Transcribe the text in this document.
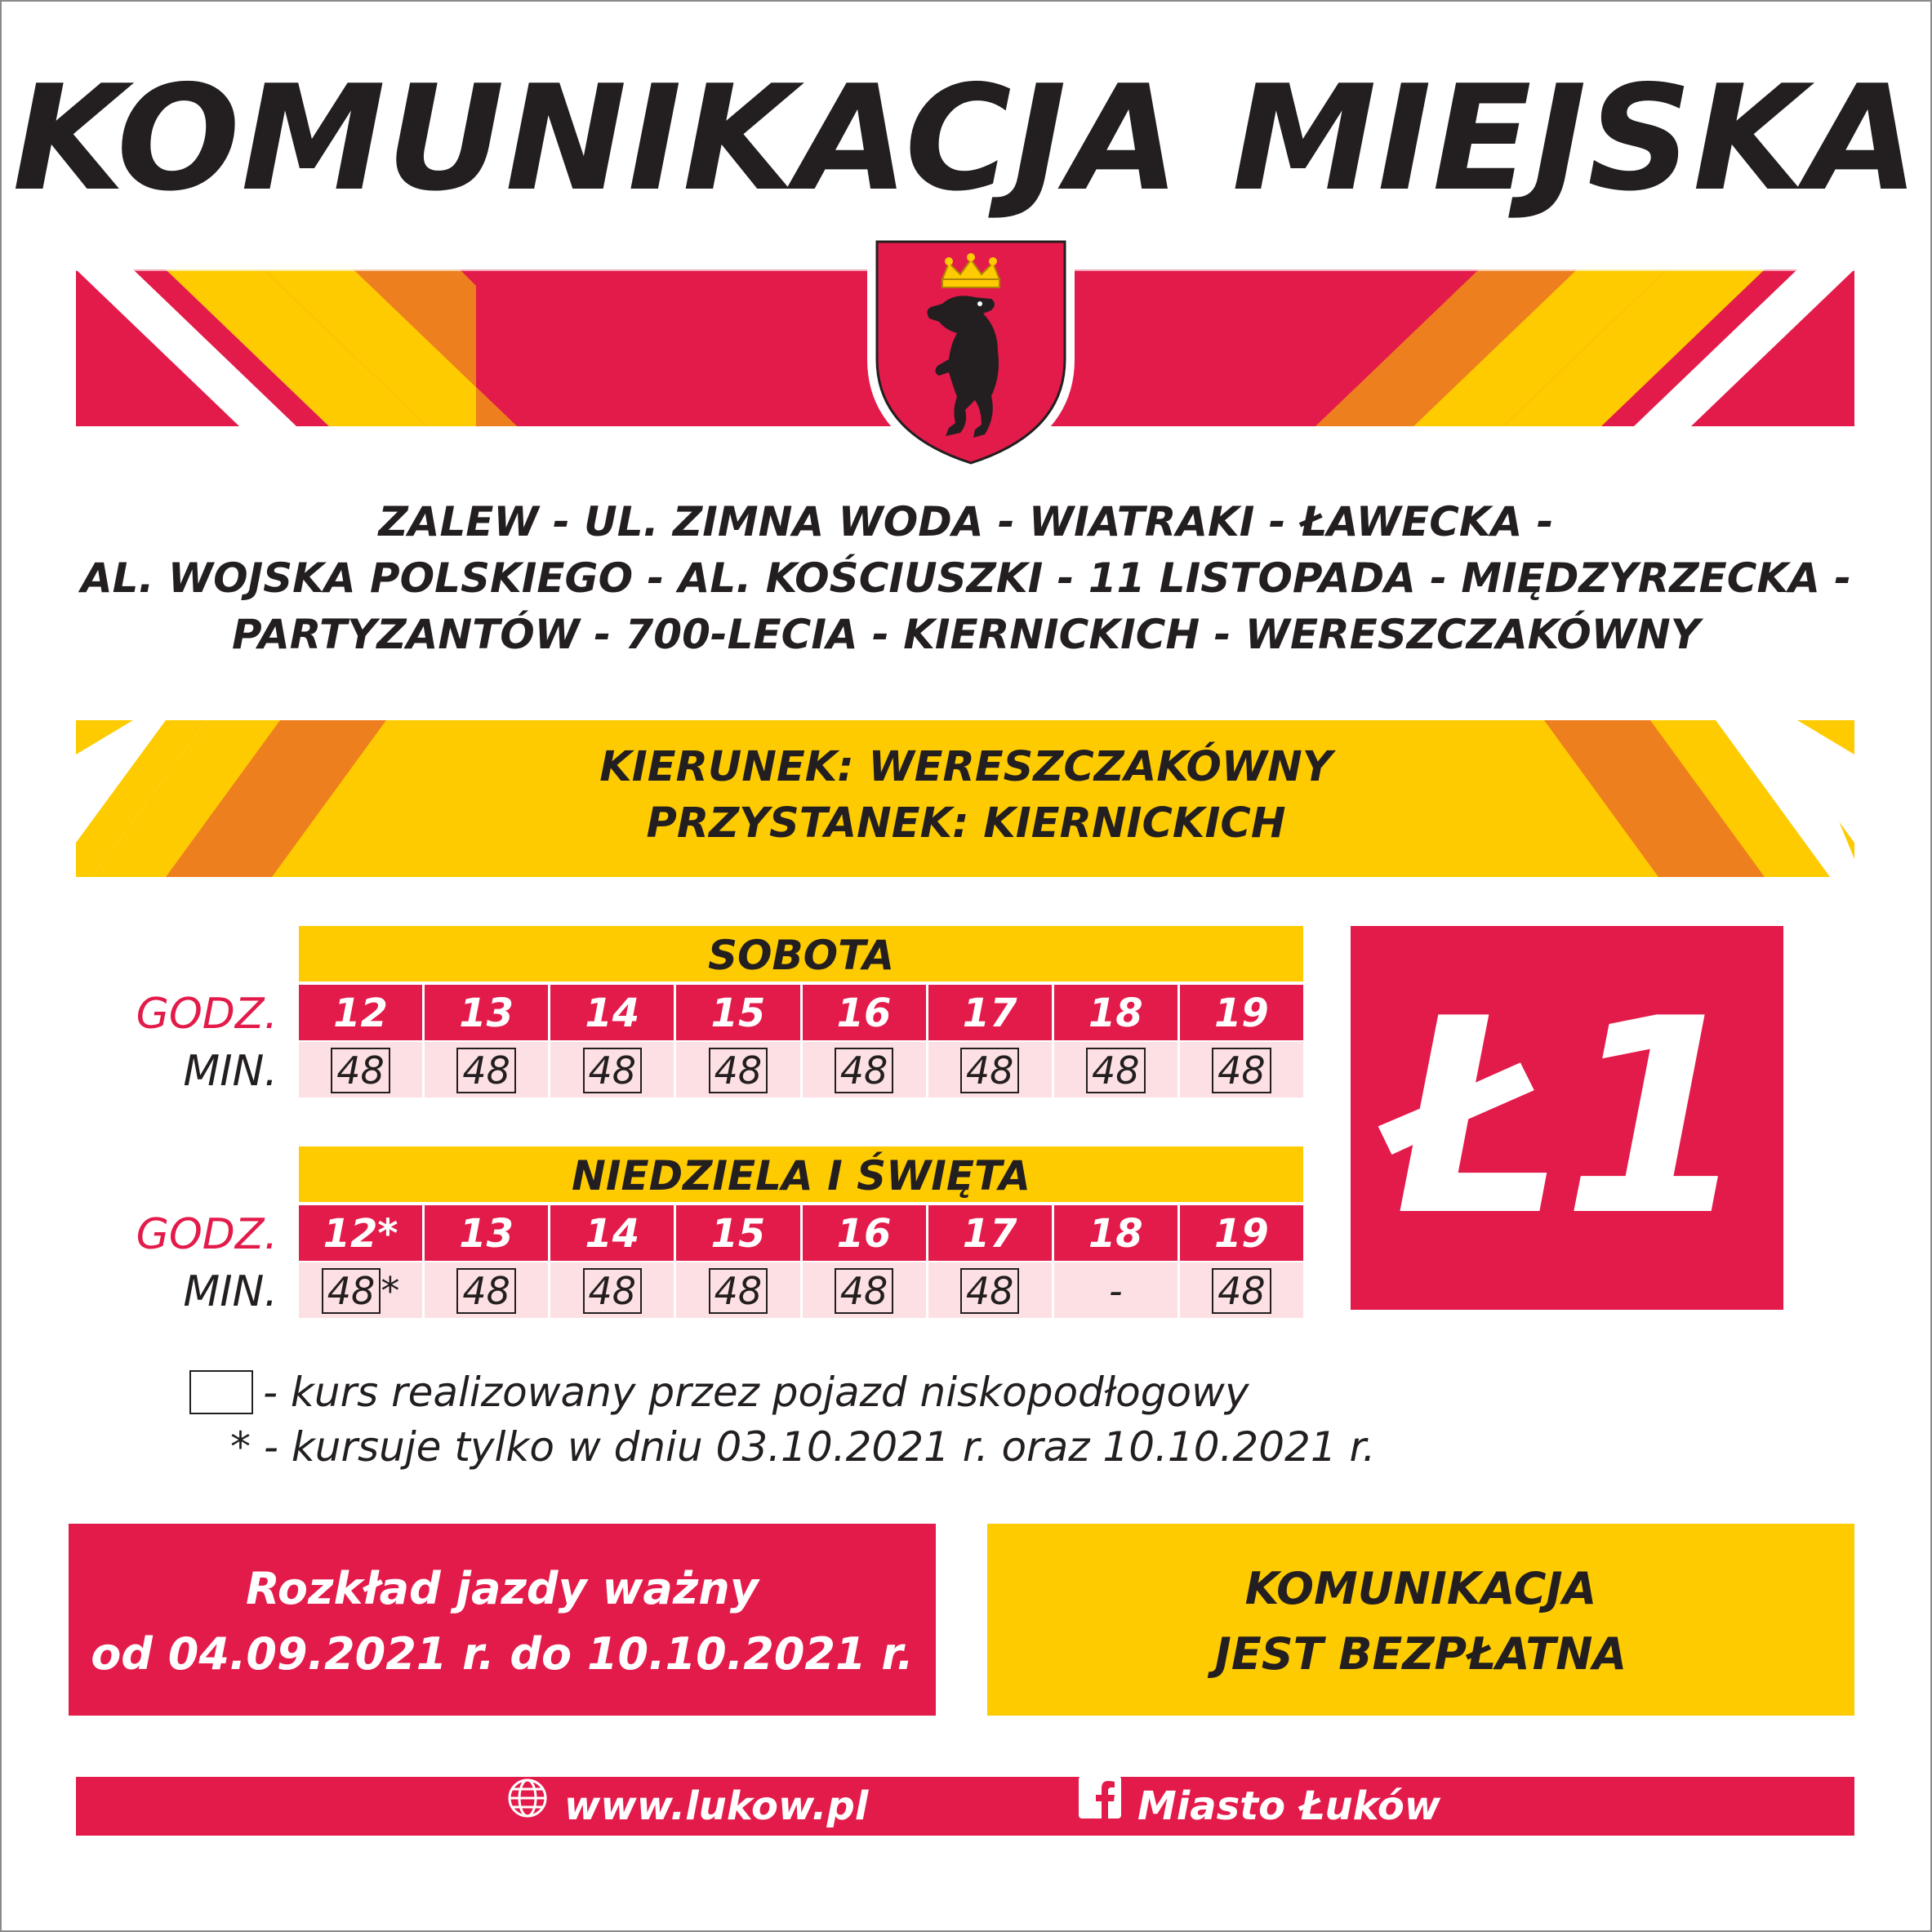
KOMUNIKACJA MIEJSKA
ZALEW - UL. ZIMNA WODA - WIATRAKI - ŁAWECKA -
AL. WOJSKA POLSKIEGO - AL. KOŚCIUSZKI - 11 LISTOPADA - MIĘDZYRZECKA -
PARTYZANTÓW - 700-LECIA - KIERNICKICH - WERESZCZAKÓWNY
KIERUNEK: WERESZCZAKÓWNY
PRZYSTANEK: KIERNICKICH
GODZ.
MIN.
SOBOTA
12	13	14	15	16	17	18	19
48	48	48	48	48	48	48	48
GODZ.
MIN.
NIEDZIELA I ŚWIĘTA
12*	13	14	15	16	17	18	19
48 *	48	48	48	48	48	-	48
Ł1
- kurs realizowany przez pojazd niskopodłogowy
* - kursuje tylko w dniu 03.10.2021 r. oraz 10.10.2021 r.
Rozkład jazdy ważny
od 04.09.2021 r. do 10.10.2021 r.
KOMUNIKACJA
JEST BEZPŁATNA
www.lukow.pl	Miasto Łuków
